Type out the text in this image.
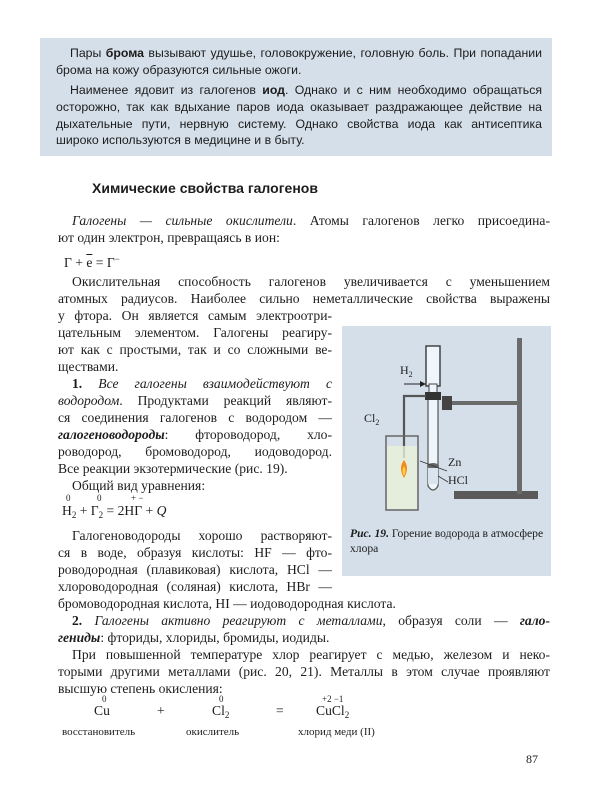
Пары брома вызывают удушье, головокружение, головную боль. При попадании брома на кожу образуются сильные ожоги.

Наименее ядовит из галогенов иод. Однако и с ним необходимо обращаться осторожно, так как вдыхание паров иода оказывает раздражающее действие на дыхательные пути, нервную систему. Однако свойства иода как антисептика широко используются в медицине и в быту.

Химические свойства галогенов

Галогены — сильные окислители. Атомы галогенов легко присоедина-

ют один электрон, превращаясь в ион:

$Г + \overline{e} = Г^-$

Окислительная способность галогенов увеличивается с уменьшением

атомных радиусов. Наиболее сильно неметаллические свойства выражены

у фтора. Он является самым электроотри-

цательным элементом. Галогены реагиру-

ют как с простыми, так и со сложными ве-

ществами.

1. Все галогены взаимодействуют с

водородом. Продуктами реакций являют-

ся соединения галогенов с водородом —

галогеноводороды: фтороводород, хло-

роводород, бромоводород, иодоводород.

Все реакции экзотермические (рис. 19).

Общий вид уравнения:

0	0	+ −

$H_2 + Г_2 = 2HГ + Q$

Галогеноводороды хорошо растворяют-

ся в воде, образуя кислоты: HF — фто-

роводородная (плавиковая) кислота, HCl —

хлороводородная (соляная) кислота, HBr —

бромоводородная кислота, HI — иодоводородная кислота.

2. Галогены активно реагируют с металлами, образуя соли — гало-

гениды: фториды, хлориды, бромиды, иодиды.

При повышенной температуре хлор реагирует с медью, железом и неко-

торыми другими металлами (рис. 20, 21). Металлы в этом случае проявляют

высшую степень окисления:

0	0	+2 −1
Cu	+	$Cl_2$	= CuCl$_2$
восстановитель	окислитель	хлорид меди (II)
$H_2$
$Cl_2$
Zn
HCl
Рис. 19. Горение водорода в атмосфере хлора
87
